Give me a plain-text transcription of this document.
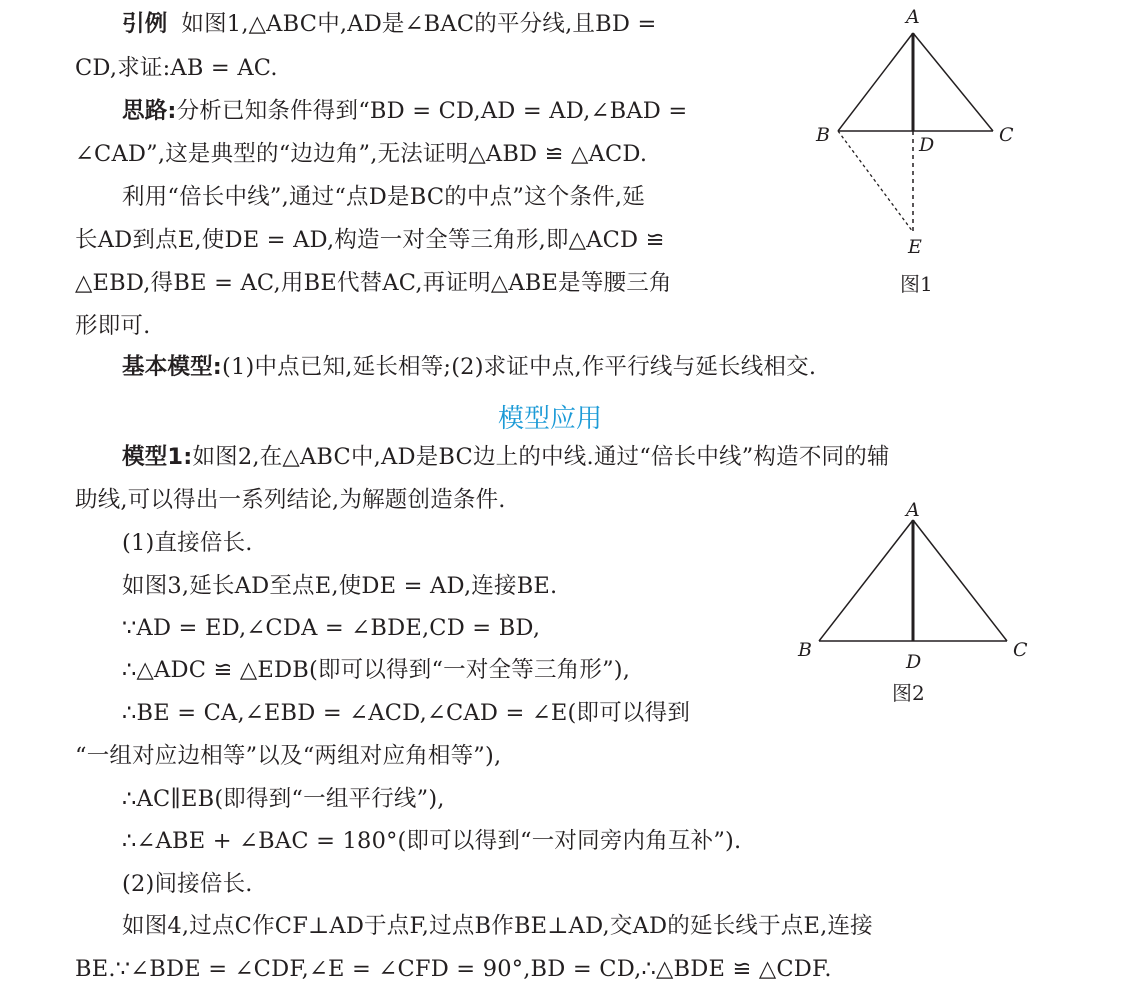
引例 如图1,△ABC中,AD是∠BAC的平分线,且BD =
CD,求证:AB = AC.
思路:分析已知条件得到“BD = CD,AD = AD,∠BAD =
∠CAD”,这是典型的“边边角”,无法证明△ABD ≌ △ACD.
利用“倍长中线”,通过“点D是BC的中点”这个条件,延
长AD到点E,使DE = AD,构造一对全等三角形,即△ACD ≌
△EBD,得BE = AC,用BE代替AC,再证明△ABE是等腰三角
形即可.
基本模型:(1)中点已知,延长相等;(2)求证中点,作平行线与延长线相交.
模型应用
模型1:如图2,在△ABC中,AD是BC边上的中线.通过“倍长中线”构造不同的辅
助线,可以得出一系列结论,为解题创造条件.
(1)直接倍长.
如图3,延长AD至点E,使DE = AD,连接BE.
∵AD = ED,∠CDA = ∠BDE,CD = BD,
∴△ADC ≌ △EDB(即可以得到“一对全等三角形”),
∴BE = CA,∠EBD = ∠ACD,∠CAD = ∠E(即可以得到
“一组对应边相等”以及“两组对应角相等”),
∴AC∥EB(即得到“一组平行线”),
∴∠ABE + ∠BAC = 180°(即可以得到“一对同旁内角互补”).
(2)间接倍长.
如图4,过点C作CF⊥AD于点F,过点B作BE⊥AD,交AD的延长线于点E,连接
BE.∵∠BDE = ∠CDF,∠E = ∠CFD = 90°,BD = CD,∴△BDE ≌ △CDF.
A
B	C
D
E
图1
A
B	C
D
图2
